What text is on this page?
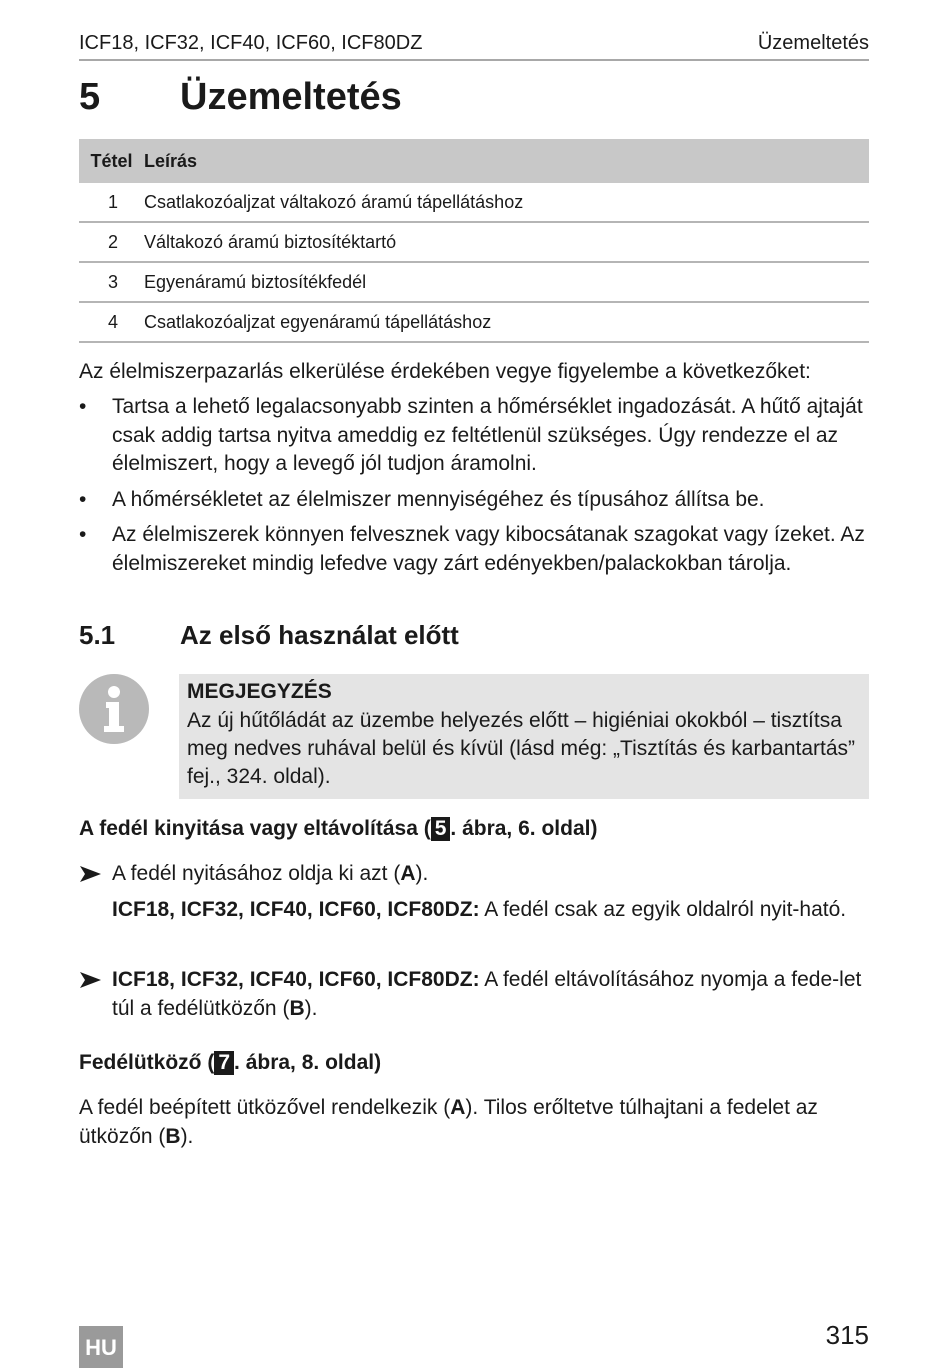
ICF18, ICF32, ICF40, ICF60, ICF80DZ	Üzemeltetés
5 Üzemeltetés
Tétel	Leírás
1	Csatlakozóaljzat váltakozó áramú tápellátáshoz
2	Váltakozó áramú biztosítéktartó
3	Egyenáramú biztosítékfedél
4	Csatlakozóaljzat egyenáramú tápellátáshoz
Az élelmiszerpazarlás elkerülése érdekében vegye figyelembe a következőket:
• Tartsa a lehető legalacsonyabb szinten a hőmérséklet ingadozását. A hűtő ajtaját csak addig tartsa nyitva ameddig ez feltétlenül szükséges. Úgy rendezze el az élelmiszert, hogy a levegő jól tudjon áramolni.
• A hőmérsékletet az élelmiszer mennyiségéhez és típusához állítsa be.
• Az élelmiszerek könnyen felvesznek vagy kibocsátanak szagokat vagy ízeket. Az élelmiszereket mindig lefedve vagy zárt edényekben/palackokban tárolja.
5.1 Az első használat előtt
MEGJEGYZÉS
Az új hűtőládát az üzembe helyezés előtt – higiéniai okokból – tisztítsa meg nedves ruhával belül és kívül (lásd még: „Tisztítás és karbantartás” fej., 324. oldal).
A fedél kinyitása vagy eltávolítása ( 5 . ábra, 6. oldal)
A fedél nyitásához oldja ki azt (A).
ICF18, ICF32, ICF40, ICF60, ICF80DZ: A fedél csak az egyik oldalról nyit-ható.
ICF18, ICF32, ICF40, ICF60, ICF80DZ: A fedél eltávolításához nyomja a fede-let túl a fedélütközőn (B).
Fedélütköző ( 7 . ábra, 8. oldal)
A fedél beépített ütközővel rendelkezik (A). Tilos erőltetve túlhajtani a fedelet az ütközőn (B).
HU	315
